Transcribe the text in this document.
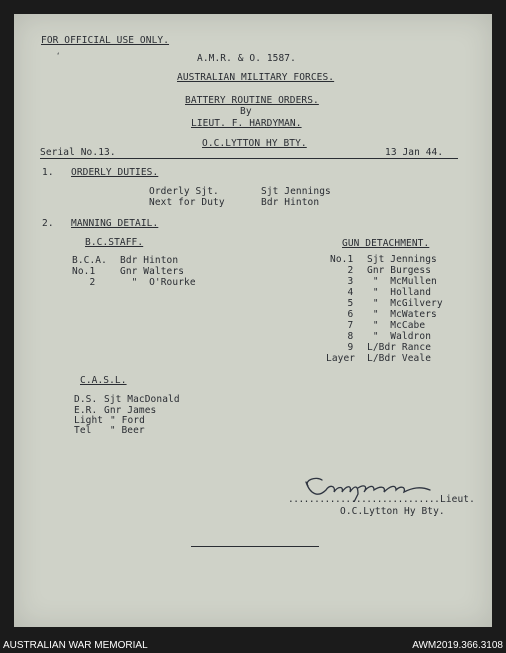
FOR OFFICIAL USE ONLY.
ʻ	A.M.R. & O. 1587.
AUSTRALIAN MILITARY FORCES.
BATTERY ROUTINE ORDERS.
By
LIEUT. F. HARDYMAN.
O.C.LYTTON HY BTY.
Serial No.13.	13 Jan 44.
1. ORDERLY DUTIES.
Orderly Sjt.	Sjt Jennings
Next for Duty	Bdr Hinton
2. MANNING DETAIL.
B.C.STAFF.
B.C.A. Bdr Hinton
No.1	Gnr Walters
2	"  O'Rourke
GUN DETACHMENT.
No.1 Sjt Jennings
2 Gnr Burgess
3 "  McMullen
4 "  Holland
5 "  McGilvery
6 "  McWaters
7 "  McCabe
8 "  Waldron
9 L/Bdr Rance
Layer L/Bdr Veale
C.A.S.L.
D.S. Sjt MacDonald
E.R. Gnr James
Light " Ford
Tel " Beer
............................. Lieut.
O.C.Lytton Hy Bty.
AUSTRALIAN WAR MEMORIAL	AWM2019.366.3108
